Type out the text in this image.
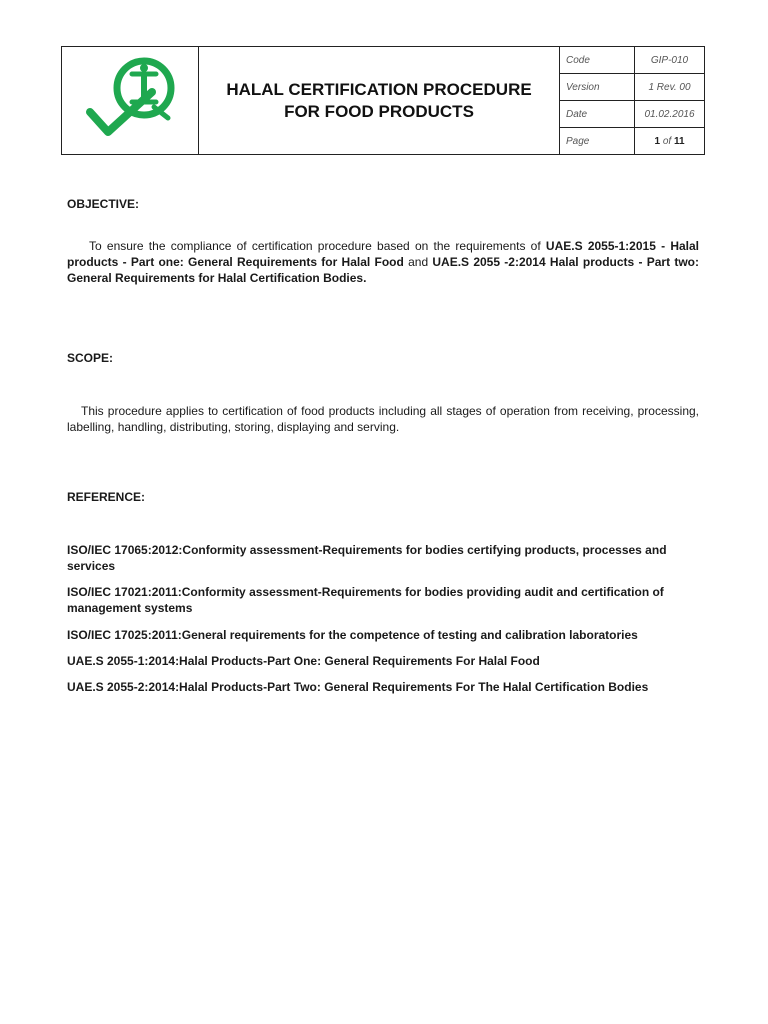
HALAL CERTIFICATION PROCEDURE
FOR FOOD PRODUCTS	Code	GIP-010
		Version	1 Rev. 00
		Date	01.02.2016
		Page	1 of 11
OBJECTIVE:
To ensure the compliance of certification procedure based on the requirements of UAE.S 2055-1:2015 - Halal products - Part one: General Requirements for Halal Food and UAE.S 2055 -2:2014 Halal products - Part two: General Requirements for Halal Certification Bodies.
SCOPE:
This procedure applies to certification of food products including all stages of operation from receiving, processing, labelling, handling, distributing, storing, displaying and serving.
REFERENCE:
ISO/IEC 17065:2012:Conformity assessment-Requirements for bodies certifying products, processes and services
ISO/IEC 17021:2011:Conformity assessment-Requirements for bodies providing audit and certification of management systems
ISO/IEC 17025:2011:General requirements for the competence of testing and calibration laboratories
UAE.S 2055-1:2014:Halal Products-Part One: General Requirements For Halal Food
UAE.S 2055-2:2014:Halal Products-Part Two: General Requirements For The Halal Certification Bodies
